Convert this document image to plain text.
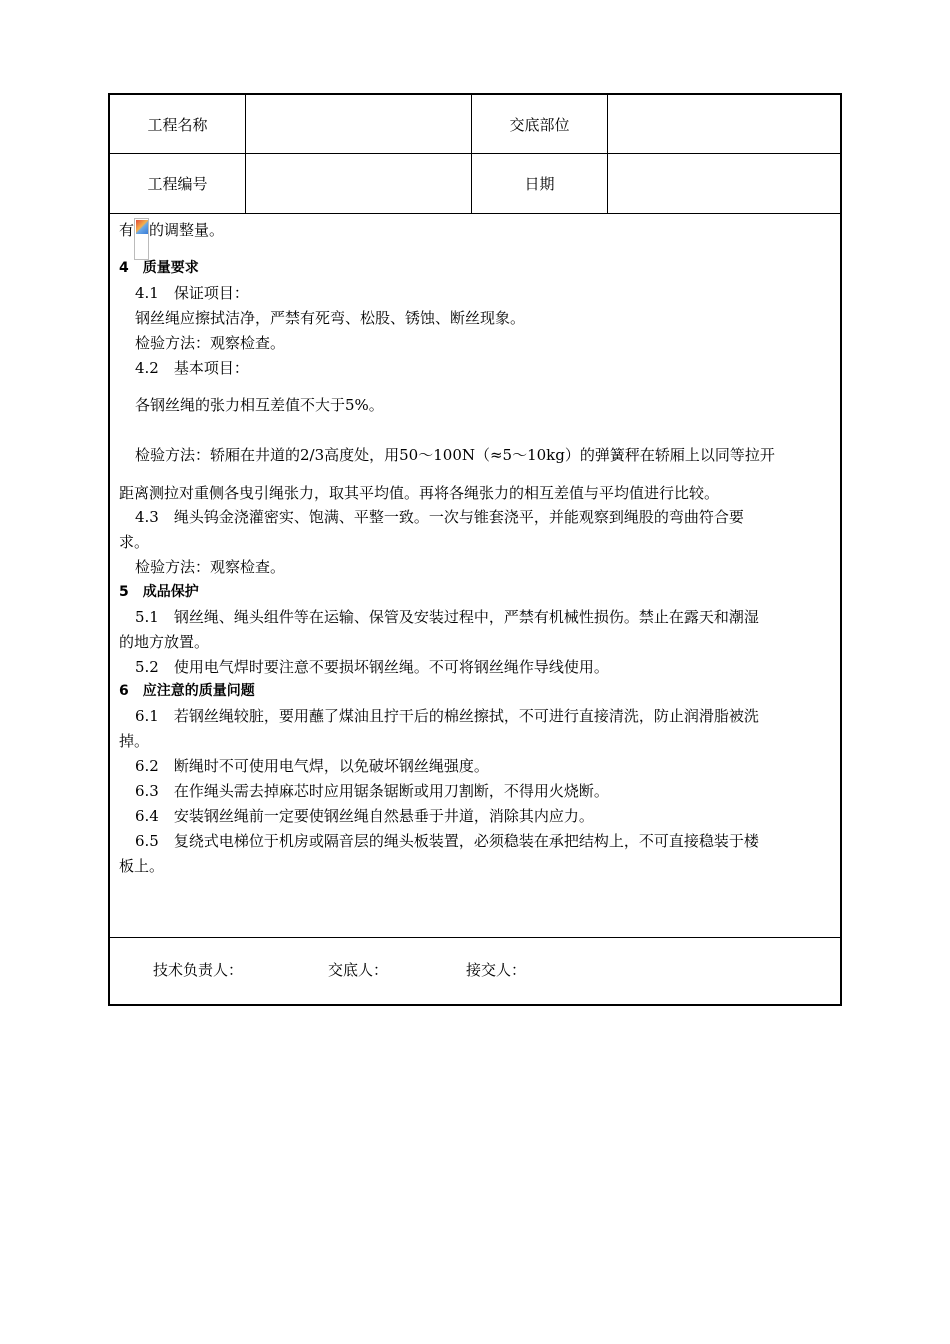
工程名称	交底部位
工程编号	日期
有 的调整量。
4　质量要求
4.1　保证项目：
钢丝绳应擦拭洁净，严禁有死弯、松股、锈蚀、断丝现象。
检验方法：观察检查。
4.2　基本项目：
各钢丝绳的张力相互差值不大于5%。
检验方法：轿厢在井道的2/3高度处，用50～100N（≈5～10kg）的弹簧秤在轿厢上以同等拉开
距离测拉对重侧各曳引绳张力，取其平均值。再将各绳张力的相互差值与平均值进行比较。
4.3　绳头钨金浇灌密实、饱满、平整一致。一次与锥套浇平，并能观察到绳股的弯曲符合要
求。
检验方法：观察检查。
5　成品保护
5.1　钢丝绳、绳头组件等在运输、保管及安装过程中，严禁有机械性损伤。禁止在露天和潮湿
的地方放置。
5.2　使用电气焊时要注意不要损坏钢丝绳。不可将钢丝绳作导线使用。
6　应注意的质量问题
6.1　若钢丝绳较脏，要用蘸了煤油且拧干后的棉丝擦拭，不可进行直接清洗，防止润滑脂被洗
掉。
6.2　断绳时不可使用电气焊，以免破坏钢丝绳强度。
6.3　在作绳头需去掉麻芯时应用锯条锯断或用刀割断，不得用火烧断。
6.4　安装钢丝绳前一定要使钢丝绳自然悬垂于井道，消除其内应力。
6.5　复绕式电梯位于机房或隔音层的绳头板装置，必须稳装在承把结构上，不可直接稳装于楼
板上。
技术负责人：	交底人：	接交人：
